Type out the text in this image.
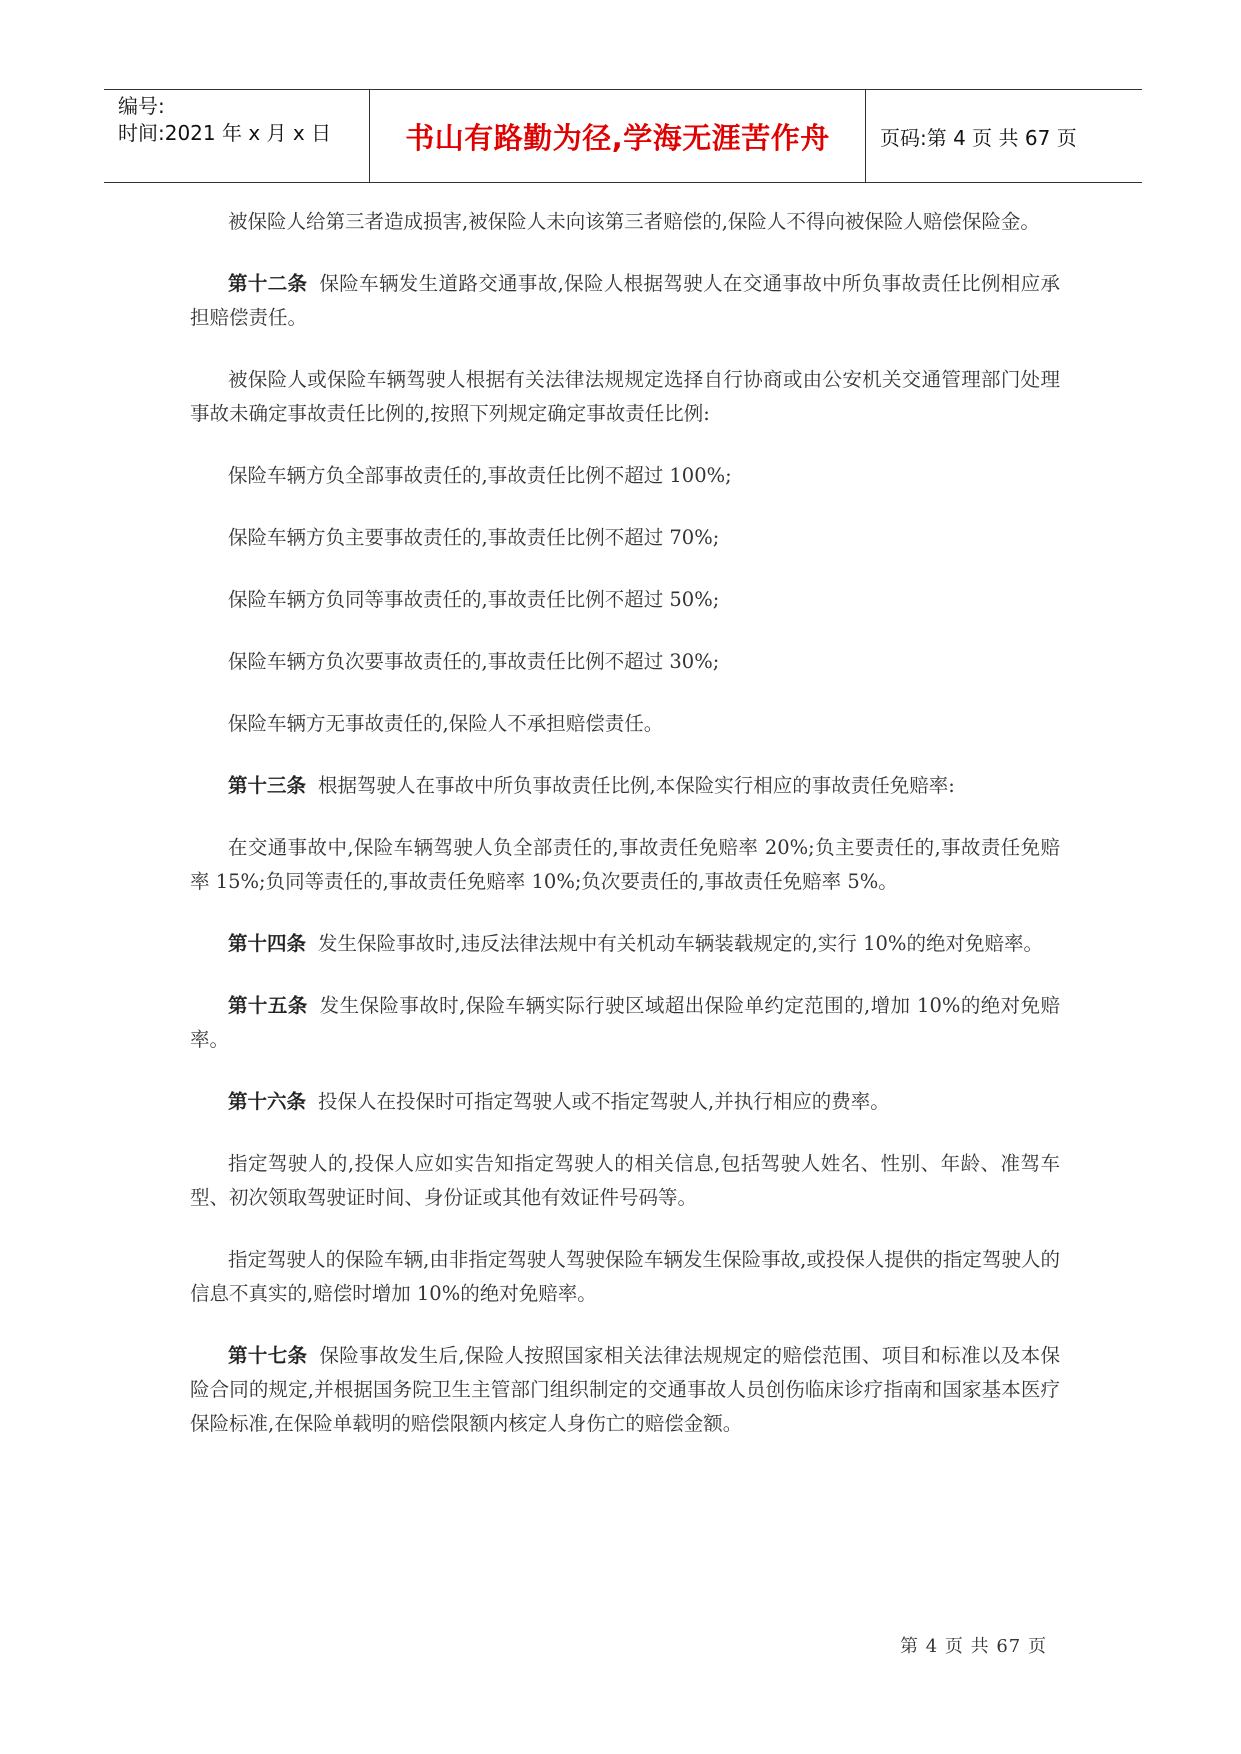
编号:
时间:2021 年 x 月 x 日	书山有路勤为径,学海无涯苦作舟	页码:第 4 页 共 67 页

被保险人给第三者造成损害,被保险人未向该第三者赔偿的,保险人不得向被保险人赔偿保险金。

第十二条 保险车辆发生道路交通事故,保险人根据驾驶人在交通事故中所负事故责任比例相应承担赔偿责任。

被保险人或保险车辆驾驶人根据有关法律法规规定选择自行协商或由公安机关交通管理部门处理事故未确定事故责任比例的,按照下列规定确定事故责任比例:

保险车辆方负全部事故责任的,事故责任比例不超过 100%;

保险车辆方负主要事故责任的,事故责任比例不超过 70%;

保险车辆方负同等事故责任的,事故责任比例不超过 50%;

保险车辆方负次要事故责任的,事故责任比例不超过 30%;

保险车辆方无事故责任的,保险人不承担赔偿责任。

第十三条 根据驾驶人在事故中所负事故责任比例,本保险实行相应的事故责任免赔率:

在交通事故中,保险车辆驾驶人负全部责任的,事故责任免赔率 20%;负主要责任的,事故责任免赔率 15%;负同等责任的,事故责任免赔率 10%;负次要责任的,事故责任免赔率 5%。

第十四条 发生保险事故时,违反法律法规中有关机动车辆装载规定的,实行 10%的绝对免赔率。

第十五条 发生保险事故时,保险车辆实际行驶区域超出保险单约定范围的,增加 10%的绝对免赔率。

第十六条 投保人在投保时可指定驾驶人或不指定驾驶人,并执行相应的费率。

指定驾驶人的,投保人应如实告知指定驾驶人的相关信息,包括驾驶人姓名、性别、年龄、准驾车型、初次领取驾驶证时间、身份证或其他有效证件号码等。

指定驾驶人的保险车辆,由非指定驾驶人驾驶保险车辆发生保险事故,或投保人提供的指定驾驶人的信息不真实的,赔偿时增加 10%的绝对免赔率。

第十七条 保险事故发生后,保险人按照国家相关法律法规规定的赔偿范围、项目和标准以及本保险合同的规定,并根据国务院卫生主管部门组织制定的交通事故人员创伤临床诊疗指南和国家基本医疗保险标准,在保险单载明的赔偿限额内核定人身伤亡的赔偿金额。

第 4 页 共 67 页
